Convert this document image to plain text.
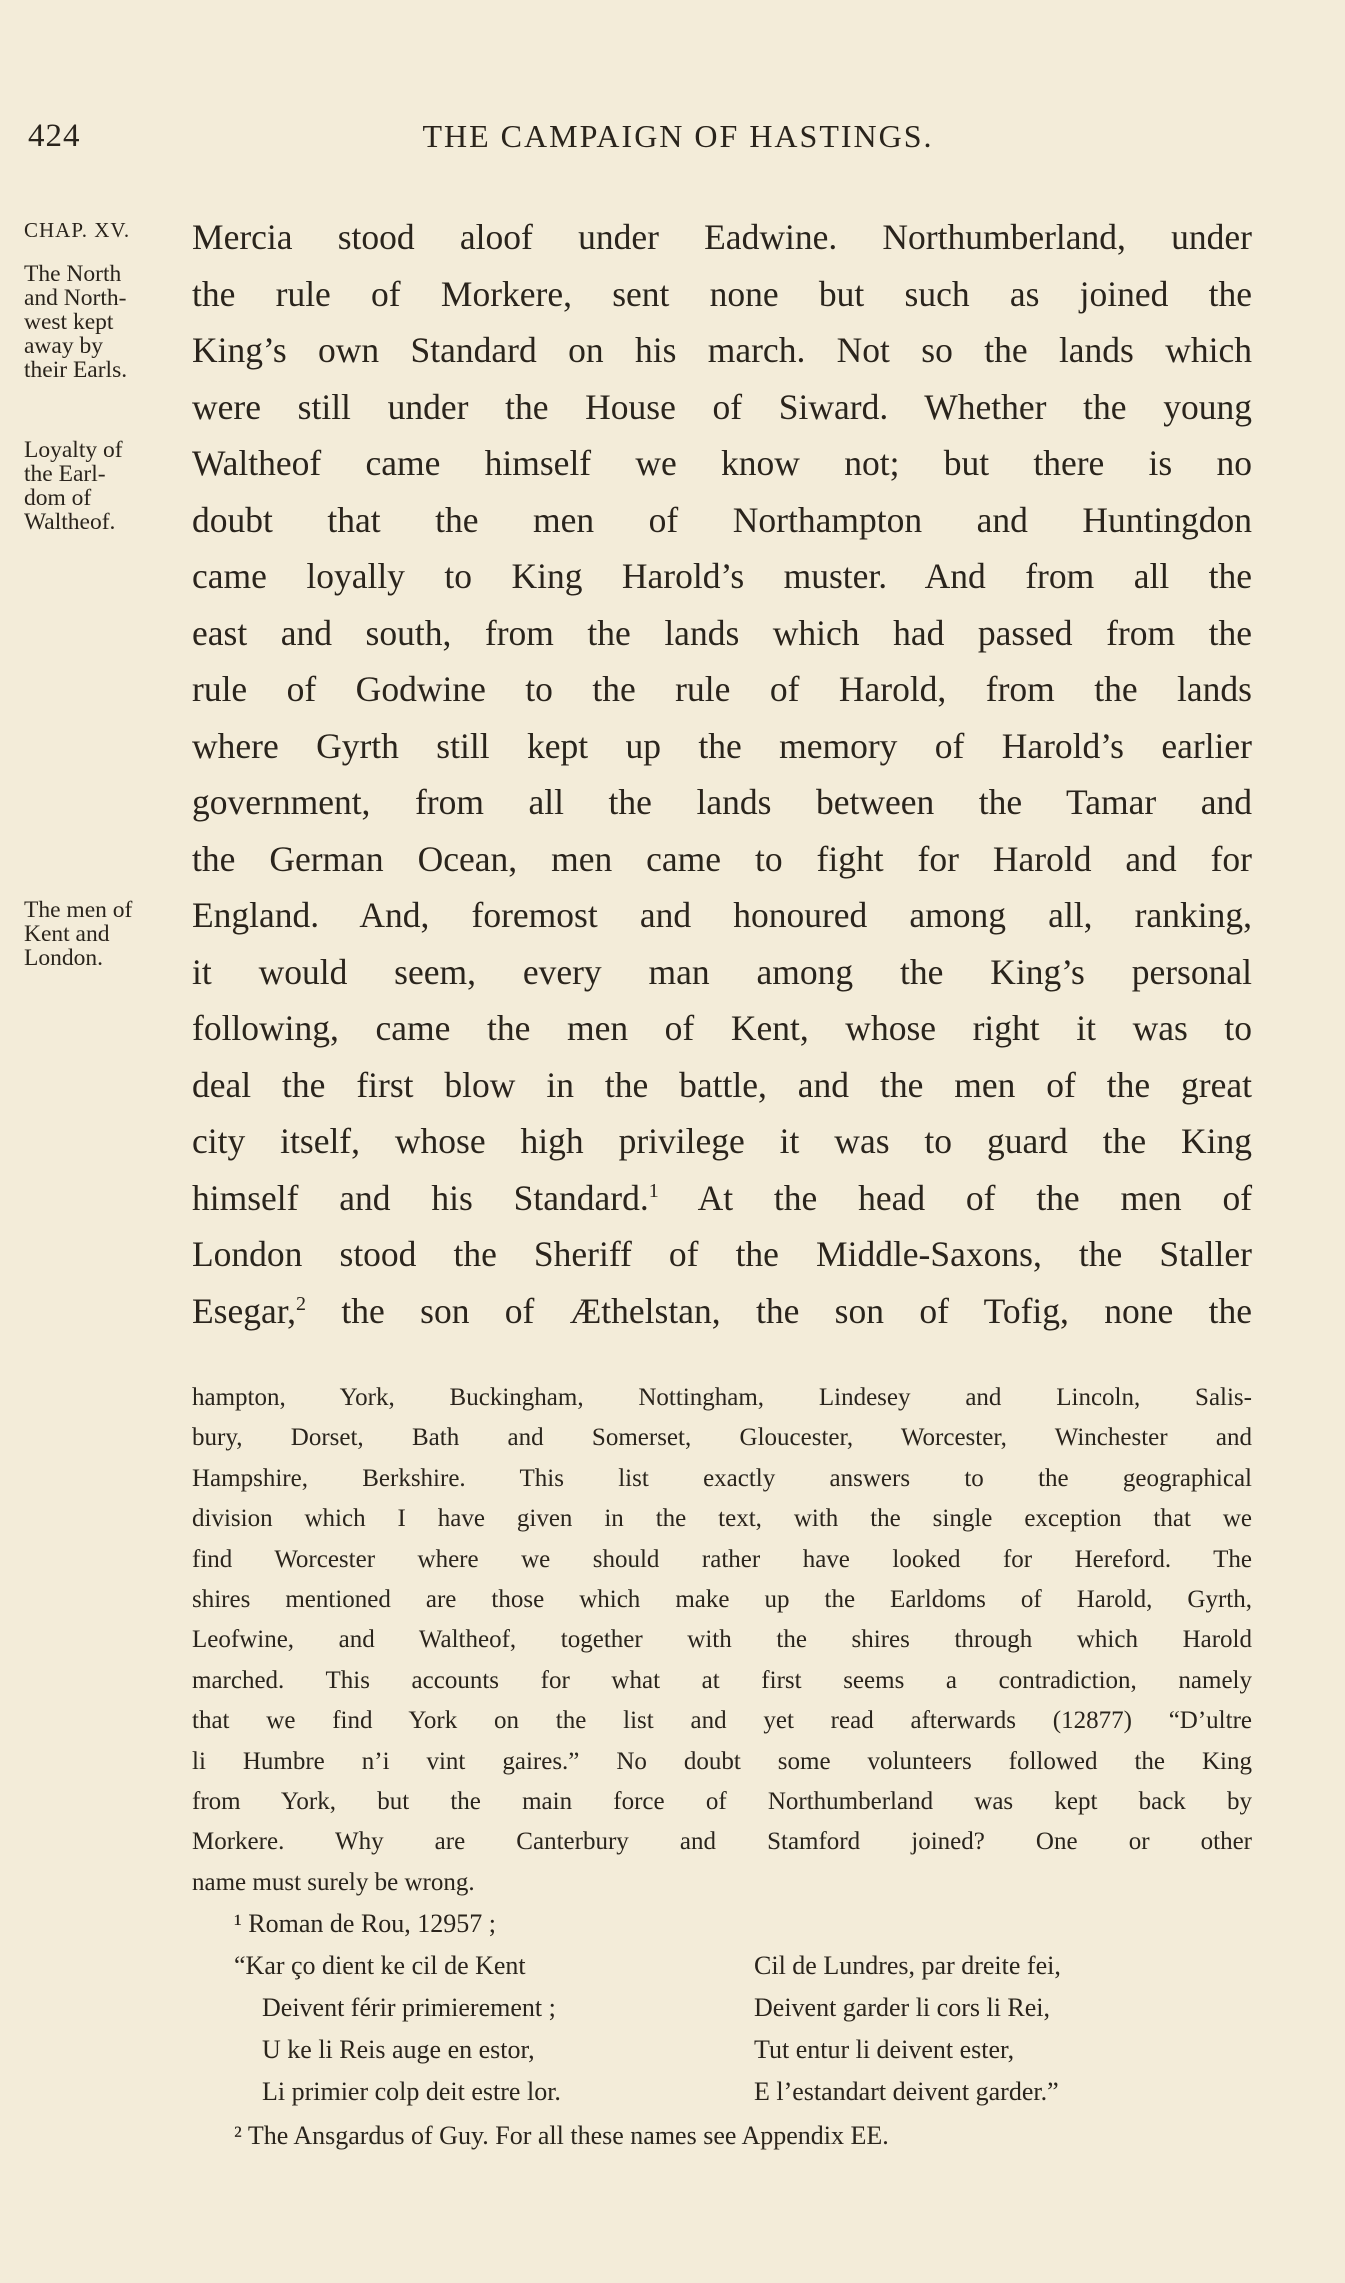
424	THE CAMPAIGN OF HASTINGS.
CHAP. XV.
The North
and North-
west kept
away by
their Earls.
Loyalty of
the Earl-
dom of
Waltheof.
The men of
Kent and
London.
Mercia stood aloof under Eadwine. Northumberland, under
the rule of Morkere, sent none but such as joined the
King’s own Standard on his march. Not so the lands which
were still under the House of Siward. Whether the young
Waltheof came himself we know not; but there is no
doubt that the men of Northampton and Huntingdon
came loyally to King Harold’s muster. And from all the
east and south, from the lands which had passed from the
rule of Godwine to the rule of Harold, from the lands
where Gyrth still kept up the memory of Harold’s earlier
government, from all the lands between the Tamar and
the German Ocean, men came to fight for Harold and for
England. And, foremost and honoured among all, ranking,
it would seem, every man among the King’s personal
following, came the men of Kent, whose right it was to
deal the first blow in the battle, and the men of the great
city itself, whose high privilege it was to guard the King
himself and his Standard.$^1$ At the head of the men of
London stood the Sheriff of the Middle-Saxons, the Staller
Esegar,$^2$ the son of Æthelstan, the son of Tofig, none the
hampton, York, Buckingham, Nottingham, Lindesey and Lincoln, Salis-
bury, Dorset, Bath and Somerset, Gloucester, Worcester, Winchester and
Hampshire, Berkshire. This list exactly answers to the geographical
division which I have given in the text, with the single exception that we
find Worcester where we should rather have looked for Hereford. The
shires mentioned are those which make up the Earldoms of Harold, Gyrth,
Leofwine, and Waltheof, together with the shires through which Harold
marched. This accounts for what at first seems a contradiction, namely
that we find York on the list and yet read afterwards (12877) “D’ultre
li Humbre n’i vint gaires.” No doubt some volunteers followed the King
from York, but the main force of Northumberland was kept back by
Morkere. Why are Canterbury and Stamford joined? One or other
name must surely be wrong.
¹ Roman de Rou, 12957 ;
“Kar ço dient ke cil de Kent
Deivent férir primierement ;
U ke li Reis auge en estor,
Li primier colp deit estre lor.
Cil de Lundres, par dreite fei,
Deivent garder li cors li Rei,
Tut entur li deivent ester,
E l’estandart deivent garder.”
² The Ansgardus of Guy. For all these names see Appendix EE.
